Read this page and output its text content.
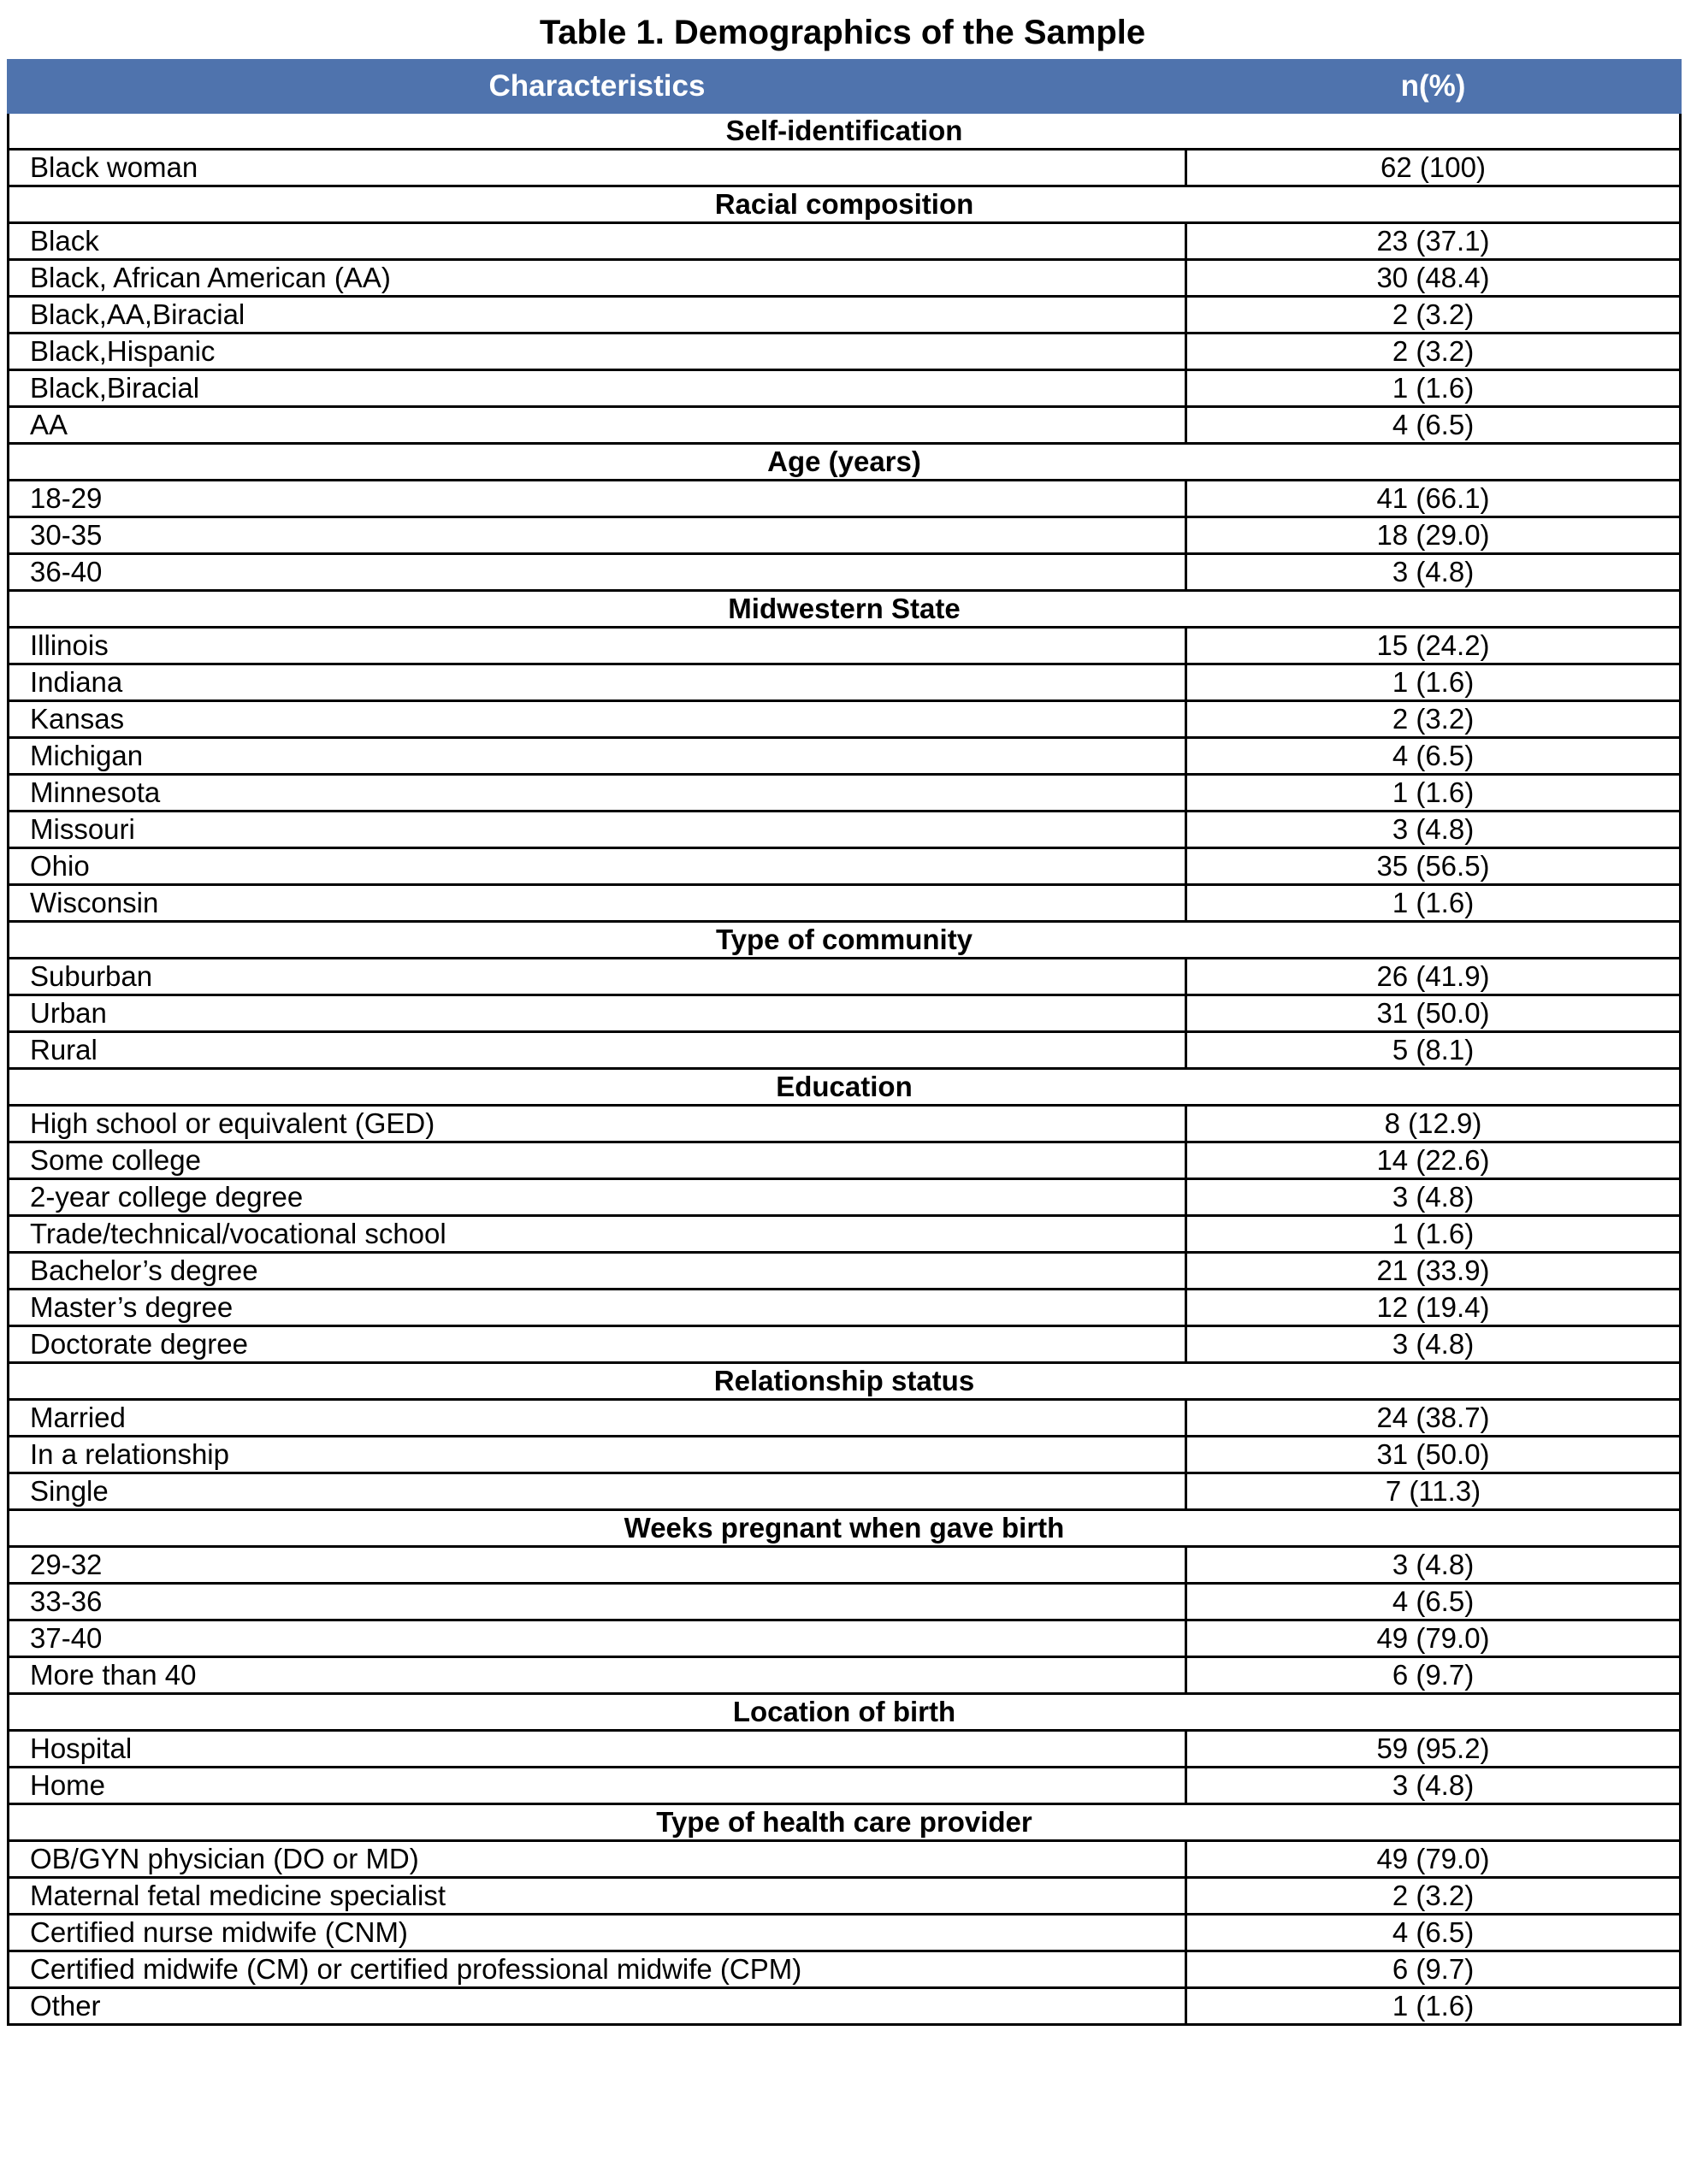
Table 1. Demographics of the Sample
Characteristics	n(%)
Self-identification	
Black woman	62 (100)
Racial composition	
Black	23 (37.1)
Black, African American (AA)	30 (48.4)
Black,AA,Biracial	2 (3.2)
Black,Hispanic	2 (3.2)
Black,Biracial	1 (1.6)
AA	4 (6.5)
Age (years)	
18-29	41 (66.1)
30-35	18 (29.0)
36-40	3 (4.8)
Midwestern State	
Illinois	15 (24.2)
Indiana	1 (1.6)
Kansas	2 (3.2)
Michigan	4 (6.5)
Minnesota	1 (1.6)
Missouri	3 (4.8)
Ohio	35 (56.5)
Wisconsin	1 (1.6)
Type of community	
Suburban	26 (41.9)
Urban	31 (50.0)
Rural	5 (8.1)
Education	
High school or equivalent (GED)	8 (12.9)
Some college	14 (22.6)
2-year college degree	3 (4.8)
Trade/technical/vocational school	1 (1.6)
Bachelor’s degree	21 (33.9)
Master’s degree	12 (19.4)
Doctorate degree	3 (4.8)
Relationship status	
Married	24 (38.7)
In a relationship	31 (50.0)
Single	7 (11.3)
Weeks pregnant when gave birth	
29-32	3 (4.8)
33-36	4 (6.5)
37-40	49 (79.0)
More than 40	6 (9.7)
Location of birth	
Hospital	59 (95.2)
Home	3 (4.8)
Type of health care provider	
OB/GYN physician (DO or MD)	49 (79.0)
Maternal fetal medicine specialist	2 (3.2)
Certified nurse midwife (CNM)	4 (6.5)
Certified midwife (CM) or certified professional midwife (CPM)	6 (9.7)
Other	1 (1.6)
